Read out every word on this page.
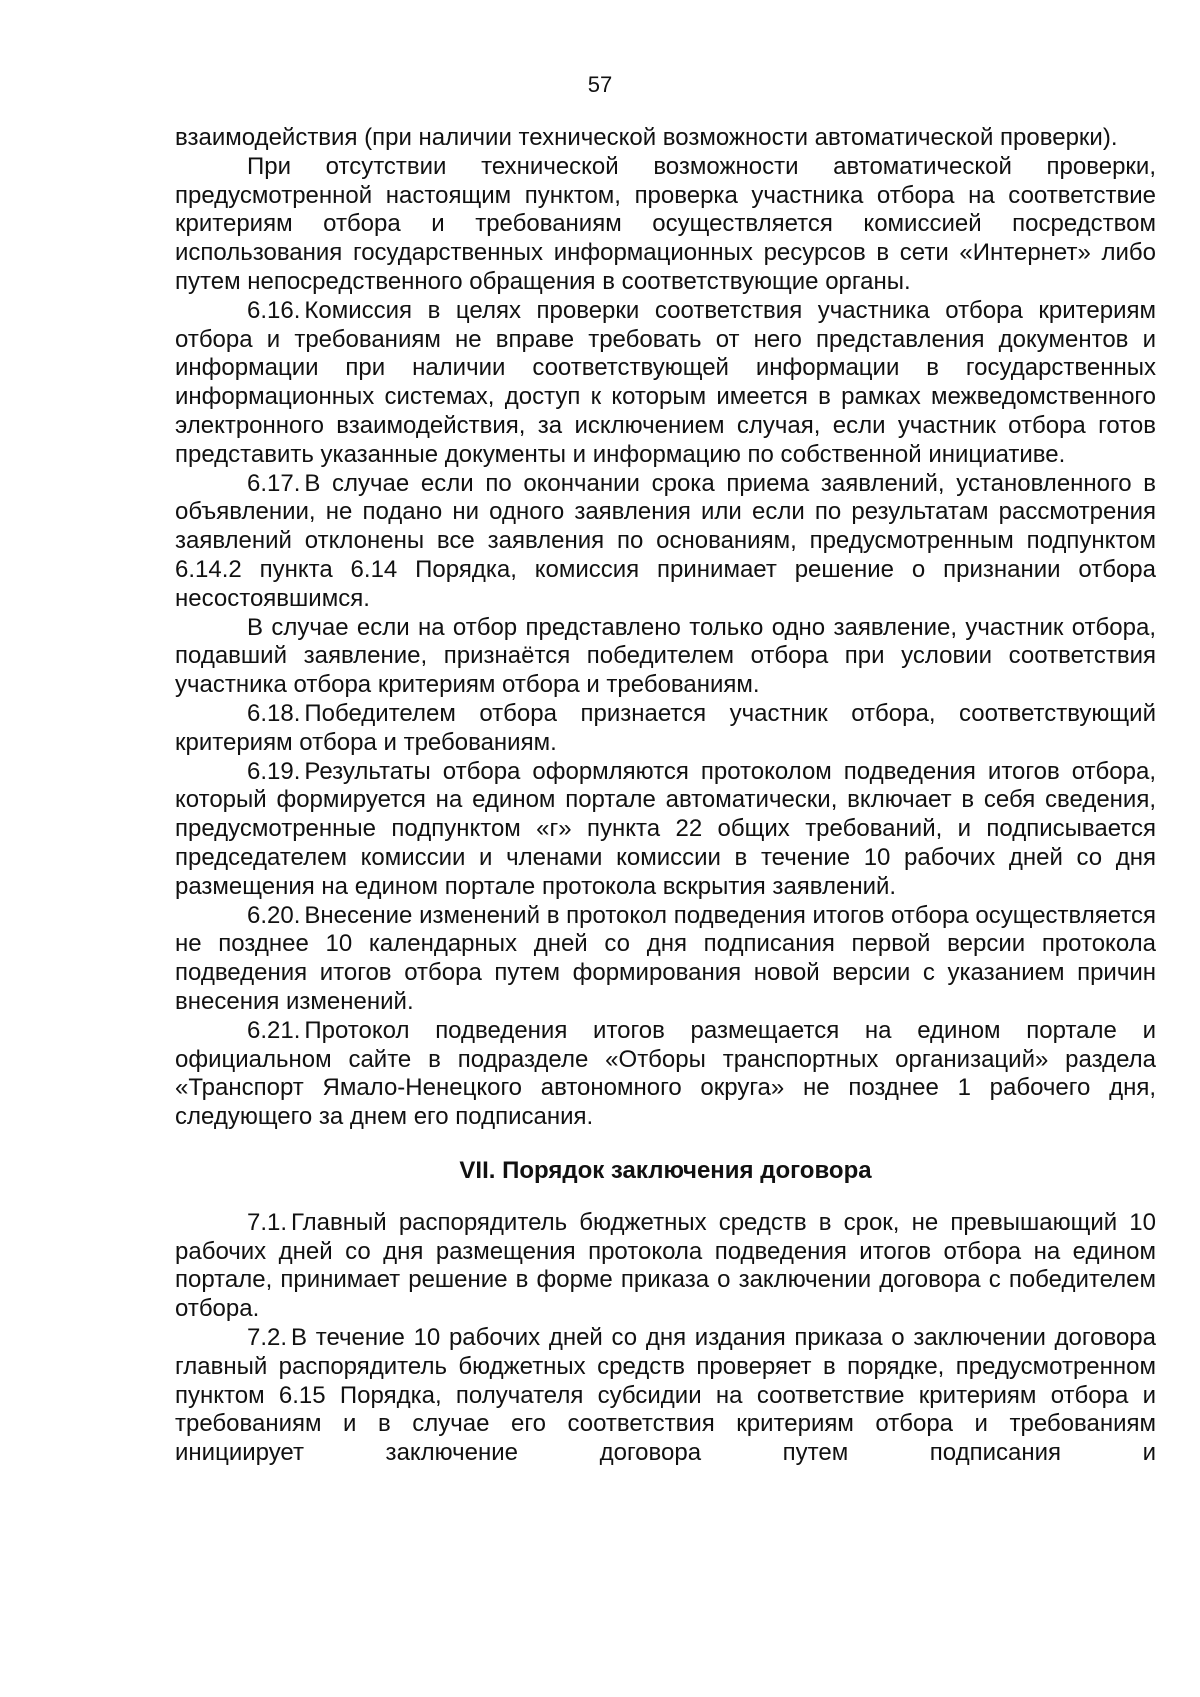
57

взаимодействия (при наличии технической возможности автоматической проверки).

При отсутствии технической возможности автоматической проверки, предусмотренной настоящим пунктом, проверка участника отбора на соответствие критериям отбора и требованиям осуществляется комиссией посредством использования государственных информационных ресурсов в сети «Интернет» либо путем непосредственного обращения в соответствующие органы.

6.16. Комиссия в целях проверки соответствия участника отбора критериям отбора и требованиям не вправе требовать от него представления документов и информации при наличии соответствующей информации в государственных информационных системах, доступ к которым имеется в рамках межведомственного электронного взаимодействия, за исключением случая, если участник отбора готов представить указанные документы и информацию по собственной инициативе.

6.17. В случае если по окончании срока приема заявлений, установленного в объявлении, не подано ни одного заявления или если по результатам рассмотрения заявлений отклонены все заявления по основаниям, предусмотренным подпунктом 6.14.2 пункта 6.14 Порядка, комиссия принимает решение о признании отбора несостоявшимся.

В случае если на отбор представлено только одно заявление, участник отбора, подавший заявление, признаётся победителем отбора при условии соответствия участника отбора критериям отбора и требованиям.

6.18. Победителем отбора признается участник отбора, соответствующий критериям отбора и требованиям.

6.19. Результаты отбора оформляются протоколом подведения итогов отбора, который формируется на едином портале автоматически, включает в себя сведения, предусмотренные подпунктом «г» пункта 22 общих требований, и подписывается председателем комиссии и членами комиссии в течение 10 рабочих дней со дня размещения на едином портале протокола вскрытия заявлений.

6.20. Внесение изменений в протокол подведения итогов отбора осуществляется не позднее 10 календарных дней со дня подписания первой версии протокола подведения итогов отбора путем формирования новой версии с указанием причин внесения изменений.

6.21. Протокол подведения итогов размещается на едином портале и официальном сайте в подразделе «Отборы транспортных организаций» раздела «Транспорт Ямало-Ненецкого автономного округа» не позднее 1 рабочего дня, следующего за днем его подписания.

VII. Порядок заключения договора

7.1. Главный распорядитель бюджетных средств в срок, не превышающий 10 рабочих дней со дня размещения протокола подведения итогов отбора на едином портале, принимает решение в форме приказа о заключении договора с победителем отбора.

7.2. В течение 10 рабочих дней со дня издания приказа о заключении договора главный распорядитель бюджетных средств проверяет в порядке, предусмотренном пунктом 6.15 Порядка, получателя субсидии на соответствие критериям отбора и требованиям и в случае его соответствия критериям отбора и требованиям инициирует заключение договора путем подписания и
